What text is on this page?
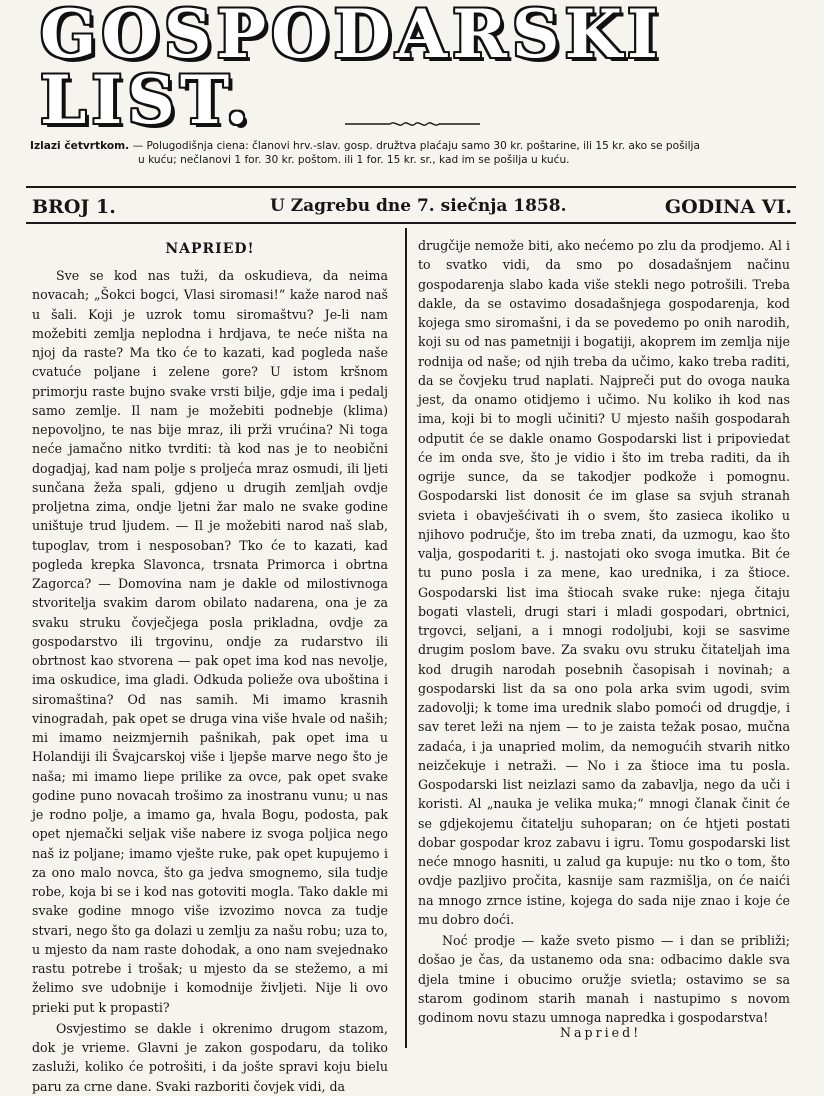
GOSPODARSKI LIST.
Izlazi četvrtkom. — Polugodišnja ciena: članovi hrv.-slav. gosp. družtva plaćaju samo 30 kr. poštarine, ili 15 kr. ako se pošilja
u kuću; nečlanovi 1 for. 30 kr. poštom. ili 1 for. 15 kr. sr., kad im se pošilja u kuću.
BROJ 1.	U Zagrebu dne 7. siečnja 1858.	GODINA VI.
NAPRIED!

Sve se kod nas tuži, da oskudieva, da neima novacah; „Šokci bogci, Vlasi siromasi!“ kaže narod naš u šali. Koji je uzrok tomu siromaštvu? Je-li nam možebiti zemlja neplodna i hrdjava, te neće ništa na njoj da raste? Ma tko će to kazati, kad pogleda naše cvatuće poljane i zelene gore? U istom kršnom primorju raste bujno svake vrsti bilje, gdje ima i pedalj samo zemlje. Il nam je možebiti podnebje (klima) nepovoljno, te nas bije mraz, ili prži vrućina? Ni toga neće jamačno nitko tvrditi: tà kod nas je to neobični dogadjaj, kad nam polje s proljeća mraz osmudi, ili ljeti sunčana žeža spali, gdjeno u drugih zemljah ovdje proljetna zima, ondje ljetni žar malo ne svake godine uništuje trud ljudem. — Il je možebiti narod naš slab, tupoglav, trom i nesposoban? Tko će to kazati, kad pogleda krepka Slavonca, trsnata Primorca i obrtna Zagorca? — Domovina nam je dakle od milostivnoga stvoritelja svakim darom obilato nadarena, ona je za svaku struku čovječjega posla prikladna, ovdje za gospodarstvo ili trgovinu, ondje za rudarstvo ili obrtnost kao stvorena — pak opet ima kod nas nevolje, ima oskudice, ima gladi. Odkuda polieže ova uboština i siromaština? Od nas samih. Mi imamo krasnih vinogradah, pak opet se druga vina više hvale od naših; mi imamo neizmjernih pašnikah, pak opet ima u Holandiji ili Švajcarskoj više i ljepše marve nego što je naša; mi imamo liepe prilike za ovce, pak opet svake godine puno novacah trošimo za inostranu vunu; u nas je rodno polje, a imamo ga, hvala Bogu, podosta, pak opet njemački seljak više nabere iz svoga poljica nego naš iz poljane; imamo vješte ruke, pak opet kupujemo i za ono malo novca, što ga jedva smognemo, sila tudje robe, koja bi se i kod nas gotoviti mogla. Tako dakle mi svake godine mnogo više izvozimo novca za tudje stvari, nego što ga dolazi u zemlju za našu robu; uza to, u mjesto da nam raste dohodak, a ono nam svejednako rastu potrebe i trošak; u mjesto da se stežemo, a mi želimo sve udobnije i komodnije življeti. Nije li ovo prieki put k propasti?

Osvjestimo se dakle i okrenimo drugom stazom, dok je vrieme. Glavni je zakon gospodaru, da toliko zasluži, koliko će potrošiti, i da jošte spravi koju bielu paru za crne dane. Svaki razboriti čovjek vidi, da

drugčije nemože biti, ako nećemo po zlu da prodjemo. Al i to svatko vidi, da smo po dosadašnjem načinu gospodarenja slabo kada više stekli nego potrošili. Treba dakle, da se ostavimo dosadašnjega gospodarenja, kod kojega smo siromašni, i da se povedemo po onih narodih, koji su od nas pametniji i bogatiji, akoprem im zemlja nije rodnija od naše; od njih treba da učimo, kako treba raditi, da se čovjeku trud naplati. Najpreči put do ovoga nauka jest, da onamo otidjemo i učimo. Nu koliko ih kod nas ima, koji bi to mogli učiniti? U mjesto naših gospodarah odputit će se dakle onamo Gospodarski list i pripoviedat će im onda sve, što je vidio i što im treba raditi, da ih ogrije sunce, da se takodjer podkože i pomognu. Gospodarski list donosit će im glase sa svjuh stranah svieta i obavješćivati ih o svem, što zasieca ikoliko u njihovo područje, što im treba znati, da uzmogu, kao što valja, gospodariti t. j. nastojati oko svoga imutka. Bit će tu puno posla i za mene, kao urednika, i za štioce. Gospodarski list ima štiocah svake ruke: njega čitaju bogati vlasteli, drugi stari i mladi gospodari, obrtnici, trgovci, seljani, a i mnogi rodoljubi, koji se sasvime drugim poslom bave. Za svaku ovu struku čitateljah ima kod drugih narodah posebnih časopisah i novinah; a gospodarski list da sa ono pola arka svim ugodi, svim zadovolji; k tome ima urednik slabo pomoći od drugdje, i sav teret leži na njem — to je zaista težak posao, mučna zadaća, i ja unapried molim, da nemogućih stvarih nitko neizčekuje i netraži. — No i za štioce ima tu posla. Gospodarski list neizlazi samo da zabavlja, nego da uči i koristi. Al „nauka je velika muka;“ mnogi članak činit će se gdjekojemu čitatelju suhoparan; on će htjeti postati dobar gospodar kroz zabavu i igru. Tomu gospodarski list neće mnogo hasniti, u zalud ga kupuje: nu tko o tom, što ovdje pazljivo pročita, kasnije sam razmišlja, on će naići na mnogo zrnce istine, kojega do sada nije znao i koje će mu dobro doći.

Noć prodje — kaže sveto pismo — i dan se približi; došao je čas, da ustanemo oda sna: odbacimo dakle sva djela tmine i obucimo oružje svietla; ostavimo se sa starom godinom starih manah i nastupimo s novom godinom novu stazu umnoga napredka i gospodarstva!

Napried!
